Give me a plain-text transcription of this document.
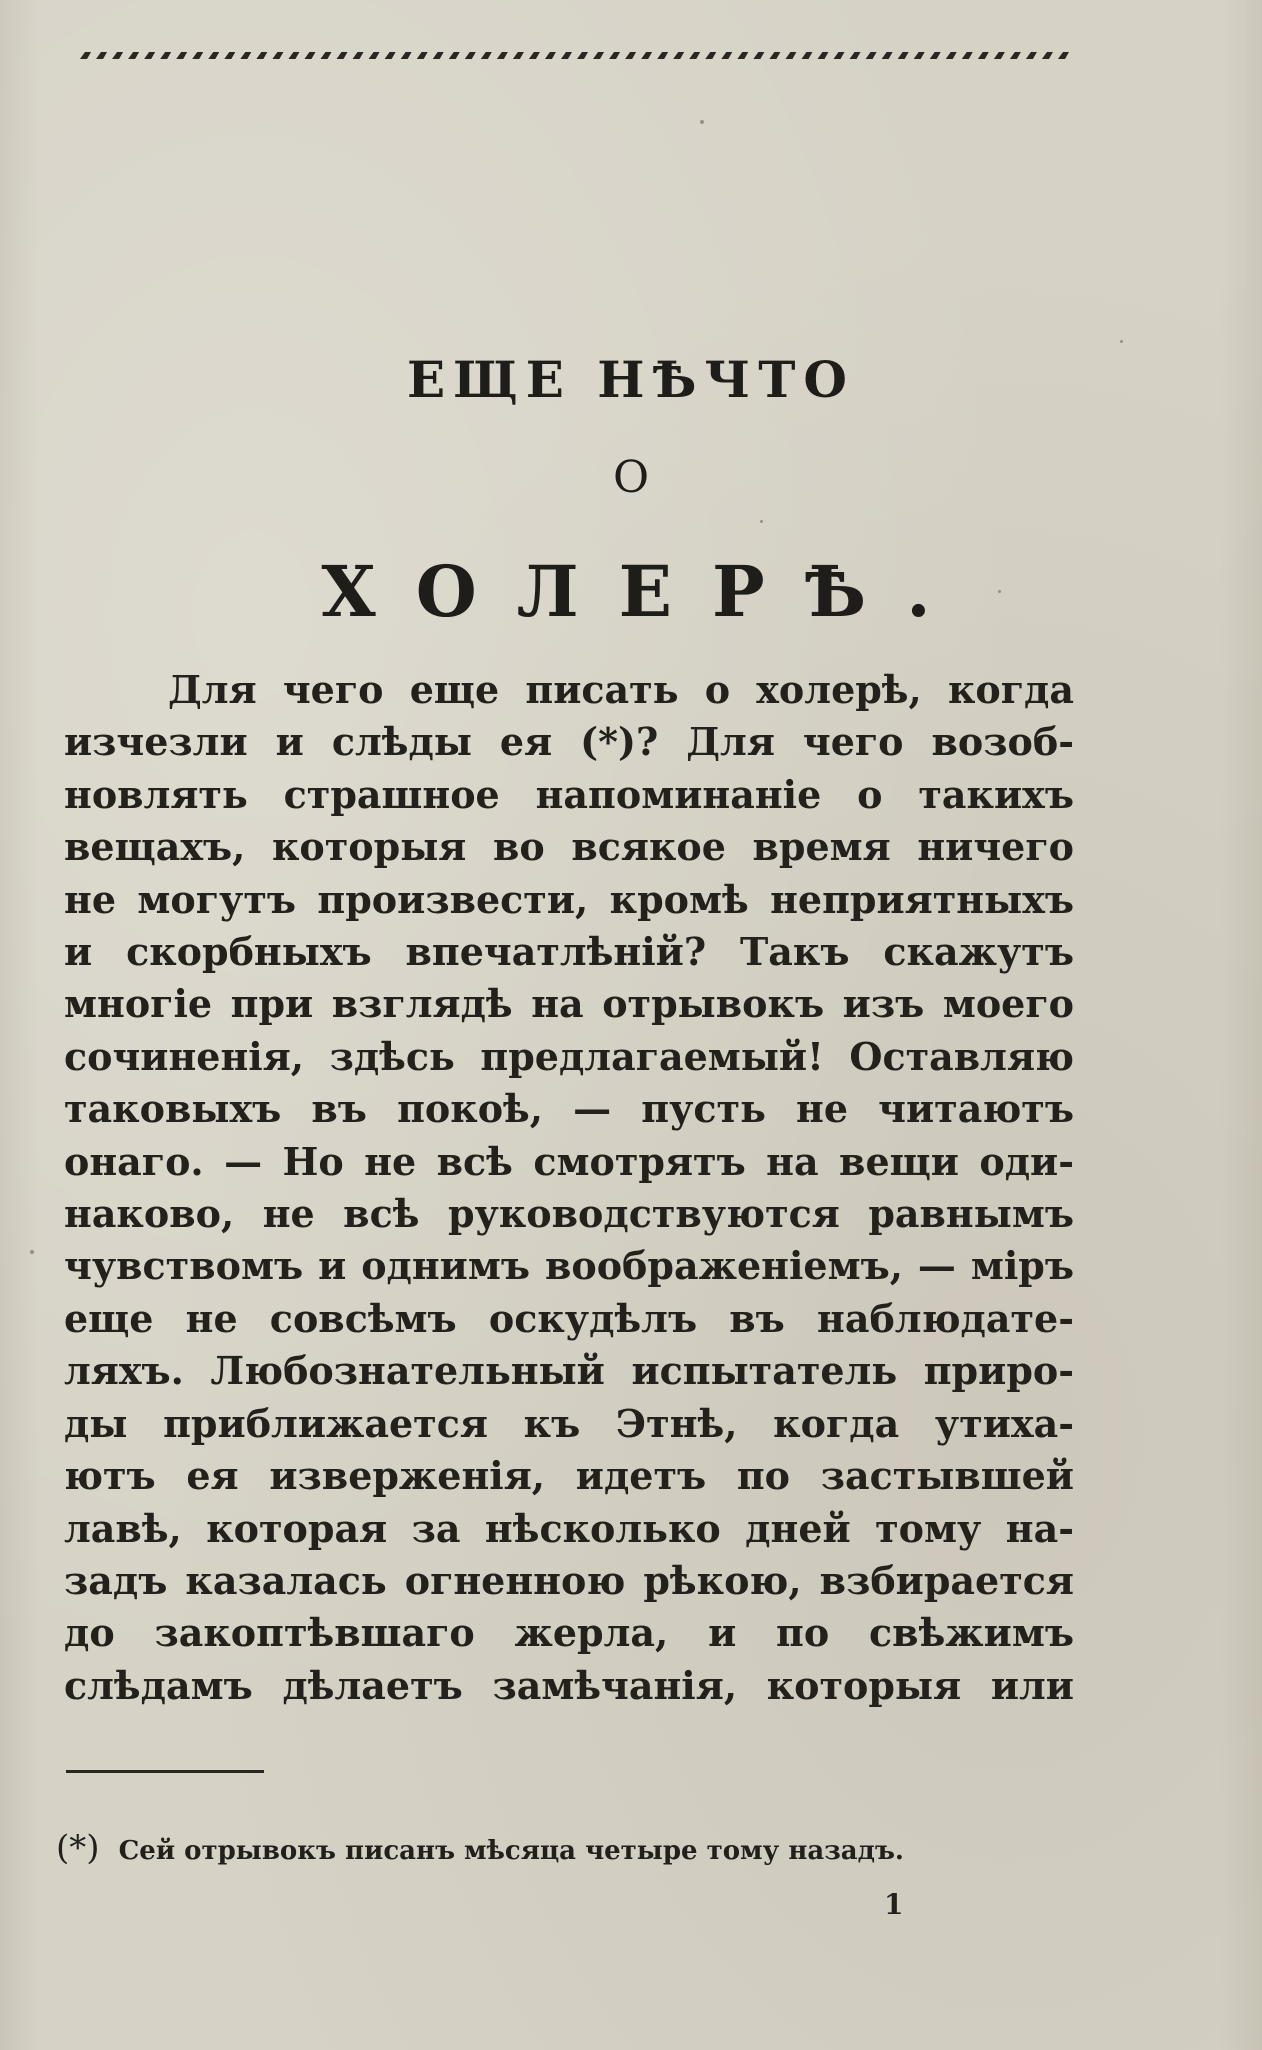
ЕЩЕ НѢЧТО
О
ХОЛЕРѢ.
Для чего еще писать о холерѣ, когда
изчезли и слѣды ея (*)? Для чего возоб-
новлять страшное напоминаніе о такихъ
вещахъ, которыя во всякое время ничего
не могутъ произвести, кромѣ неприятныхъ
и скорбныхъ впечатлѣній? Такъ скажутъ
многіе при взглядѣ на отрывокъ изъ моего
сочиненія, здѣсь предлагаемый! Оставляю
таковыхъ въ покоѣ, — пусть не читаютъ
онаго. — Но не всѣ смотрятъ на вещи оди-
наково, не всѣ руководствуются равнымъ
чувствомъ и однимъ воображеніемъ, — міръ
еще не совсѣмъ оскудѣлъ въ наблюдате-
ляхъ. Любознательный испытатель приро-
ды приближается къ Этнѣ, когда утиха-
ютъ ея изверженія, идетъ по застывшей
лавѣ, которая за нѣсколько дней тому на-
задъ казалась огненною рѣкою, взбирается
до закоптѣвшаго жерла, и по свѣжимъ
слѣдамъ дѣлаетъ замѣчанія, которыя или
(*) Сей отрывокъ писанъ мѣсяца четыре тому назадъ.
1
